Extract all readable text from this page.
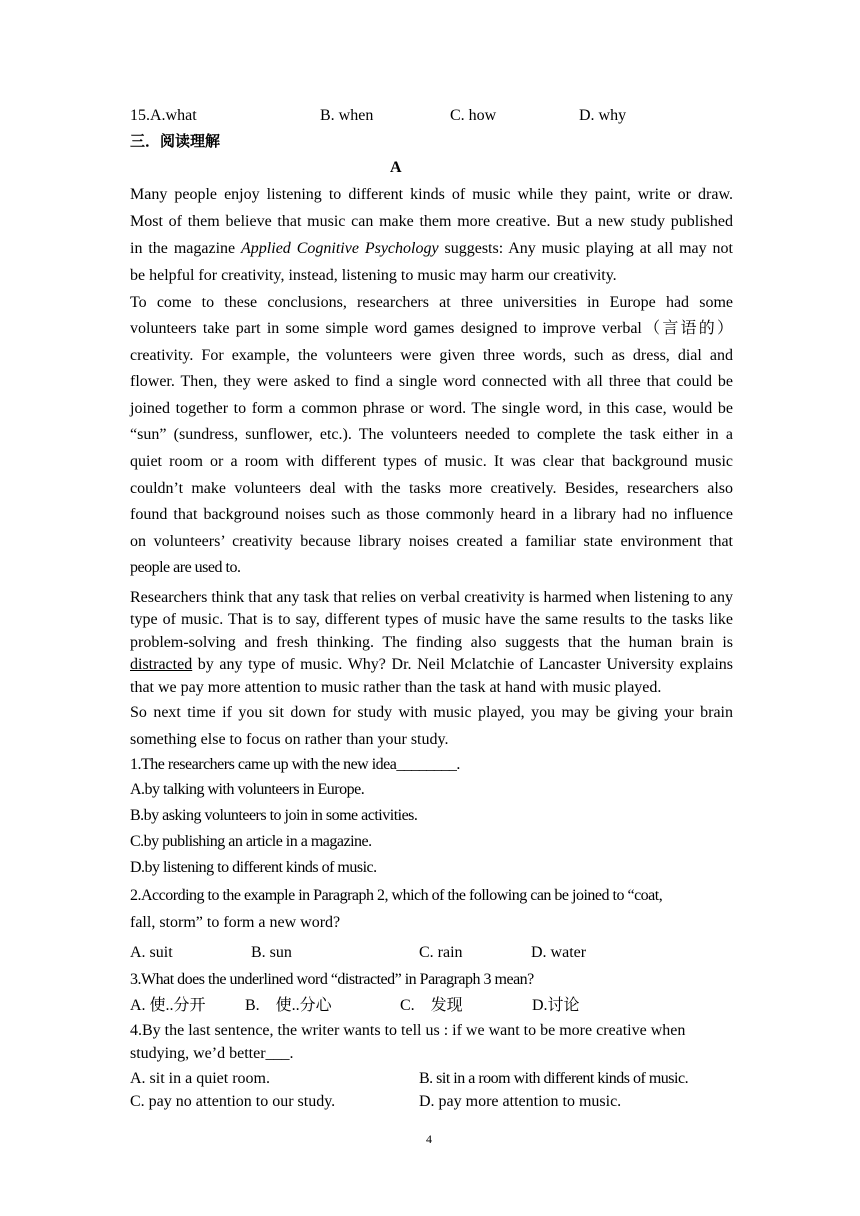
15.A.what	B. when	C. how	D. why
三．阅读理解
A
Many people enjoy listening to different kinds of music while they paint, write or draw.
Most of them believe that music can make them more creative. But a new study published
in the magazine Applied Cognitive Psychology suggests: Any music playing at all may not
be helpful for creativity, instead, listening to music may harm our creativity.
To come to these conclusions, researchers at three universities in Europe had some
volunteers take part in some simple word games designed to improve verbal（言语的）
creativity. For example, the volunteers were given three words, such as dress, dial and
flower. Then, they were asked to find a single word connected with all three that could be
joined together to form a common phrase or word. The single word, in this case, would be
“sun” (sundress, sunflower, etc.). The volunteers needed to complete the task either in a
quiet room or a room with different types of music. It was clear that background music
couldn’t make volunteers deal with the tasks more creatively. Besides, researchers also
found that background noises such as those commonly heard in a library had no influence
on volunteers’ creativity because library noises created a familiar state environment that
people are used to.
Researchers think that any task that relies on verbal creativity is harmed when listening to any
type of music. That is to say, different types of music have the same results to the tasks like
problem-solving and fresh thinking. The finding also suggests that the human brain is
distracted by any type of music. Why? Dr. Neil Mclatchie of Lancaster University explains
that we pay more attention to music rather than the task at hand with music played.
So next time if you sit down for study with music played, you may be giving your brain
something else to focus on rather than your study.
1.The researchers came up with the new idea________.
A.by talking with volunteers in Europe.
B.by asking volunteers to join in some activities.
C.by publishing an article in a magazine.
D.by listening to different kinds of music.
2.According to the example in Paragraph 2, which of the following can be joined to “coat,
fall, storm” to form a new word?
A. suit	B. sun	C. rain	D. water
3.What does the underlined word “distracted” in Paragraph 3 mean?
A. 使..分开 B.　使..分心	C.　发现	D.讨论
4.By the last sentence, the writer wants to tell us : if we want to be more creative when
studying, we’d better___.
A. sit in a quiet room.	B. sit in a room with different kinds of music.
C. pay no attention to our study.	D. pay more attention to music.
4
